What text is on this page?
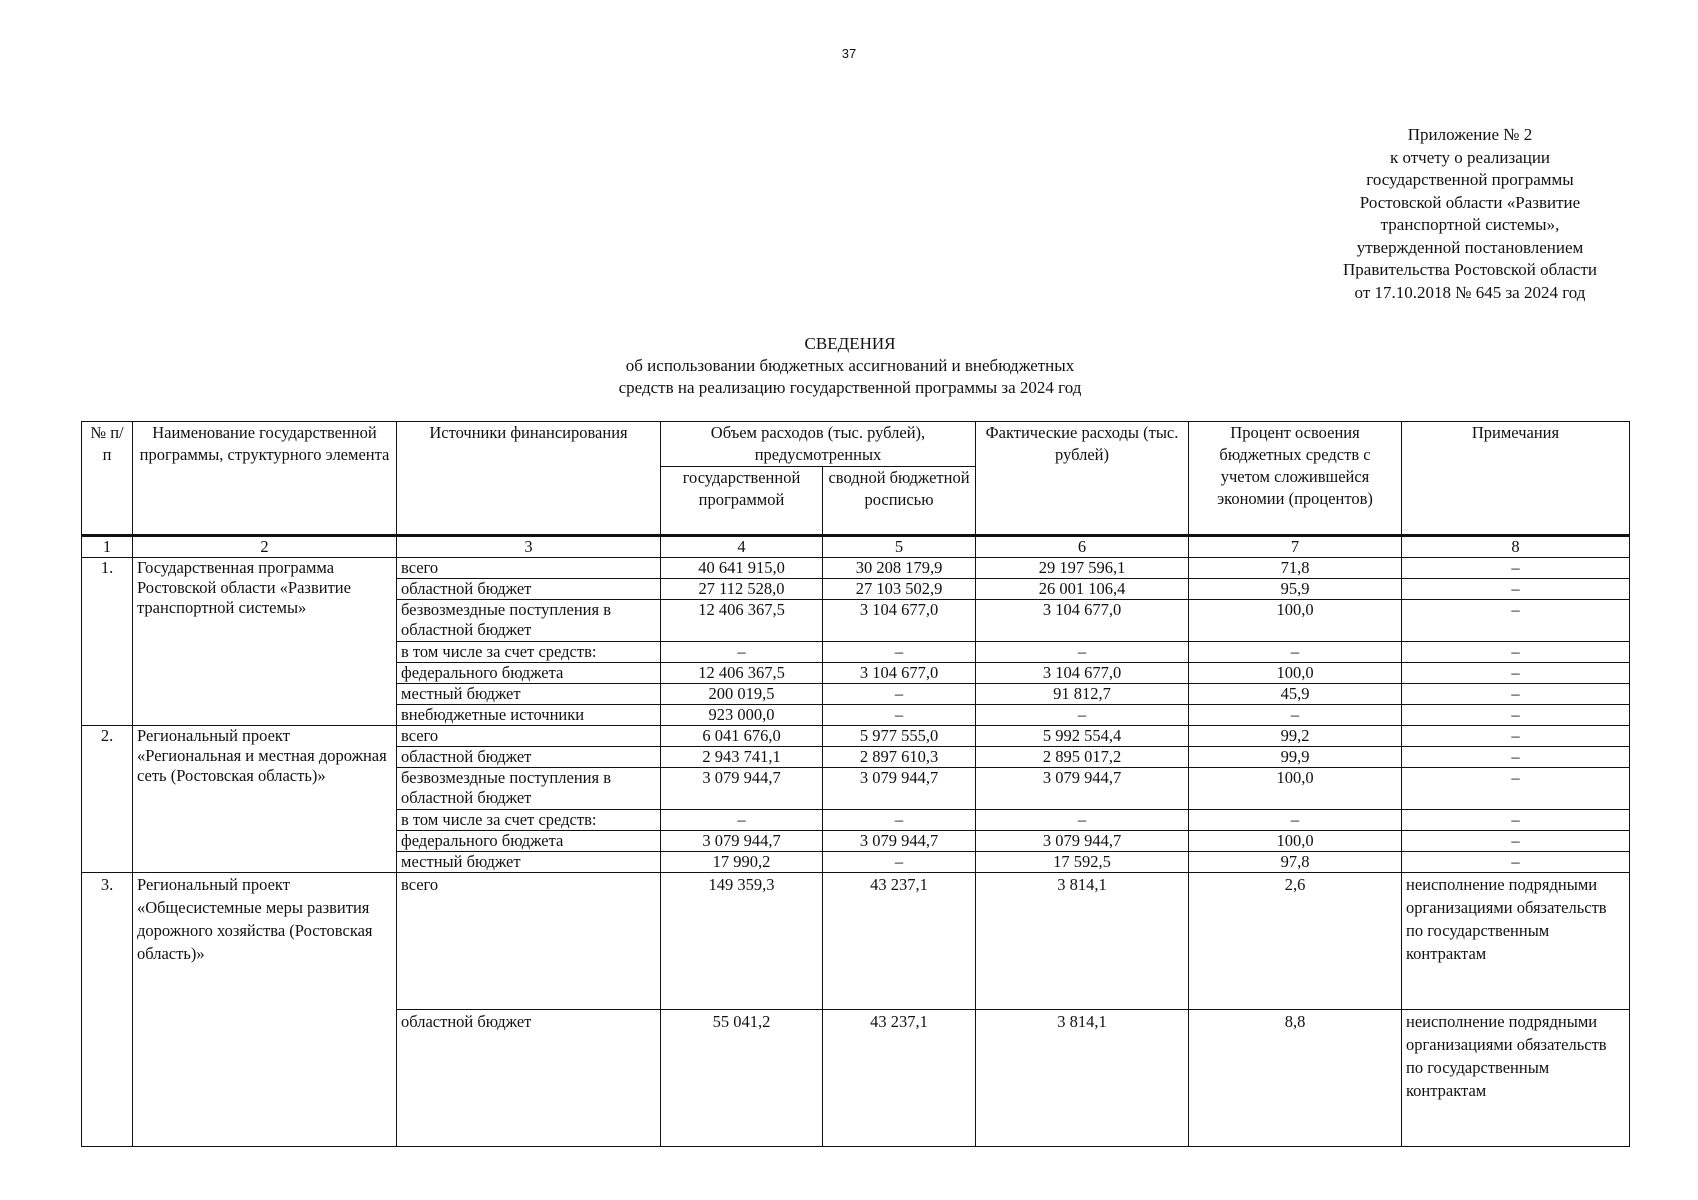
37
Приложение № 2
к отчету о реализации
государственной программы
Ростовской области «Развитие
транспортной системы»,
утвержденной постановлением
Правительства Ростовской области
от 17.10.2018 № 645 за 2024 год
СВЕДЕНИЯ
об использовании бюджетных ассигнований и внебюджетных
средств на реализацию государственной программы за 2024 год
№ п/п	Наименование государственной программы, структурного элемента	Источники финансирования	Объем расходов (тыс. рублей), предусмотренных		Фактические расходы (тыс. рублей)	Процент освоения бюджетных средств с учетом сложившейся экономии (процентов)	Примечания
			государственной программой	сводной бюджетной росписью			
1	2	3	4	5	6	7	8
1.	Государственная программа Ростовской области «Развитие транспортной системы»	всего	40 641 915,0	30 208 179,9	29 197 596,1	71,8	–
		областной бюджет	27 112 528,0	27 103 502,9	26 001 106,4	95,9	–
		безвозмездные поступления в областной бюджет	12 406 367,5	3 104 677,0	3 104 677,0	100,0	–
		в том числе за счет средств:	–	–	–	–	–
		федерального бюджета	12 406 367,5	3 104 677,0	3 104 677,0	100,0	–
		местный бюджет	200 019,5	–	91 812,7	45,9	–
		внебюджетные источники	923 000,0	–	–	–	–
2.	Региональный проект «Региональная и местная дорожная сеть (Ростовская область)»	всего	6 041 676,0	5 977 555,0	5 992 554,4	99,2	–
		областной бюджет	2 943 741,1	2 897 610,3	2 895 017,2	99,9	–
		безвозмездные поступления в областной бюджет	3 079 944,7	3 079 944,7	3 079 944,7	100,0	–
		в том числе за счет средств:	–	–	–	–	–
		федерального бюджета	3 079 944,7	3 079 944,7	3 079 944,7	100,0	–
		местный бюджет	17 990,2	–	17 592,5	97,8	–
3.	Региональный проект «Общесистемные меры развития дорожного хозяйства (Ростовская область)»	всего	149 359,3	43 237,1	3 814,1	2,6	неисполнение подрядными организациями обязательств по государственным контрактам
		областной бюджет	55 041,2	43 237,1	3 814,1	8,8	неисполнение подрядными организациями обязательств по государственным контрактам
